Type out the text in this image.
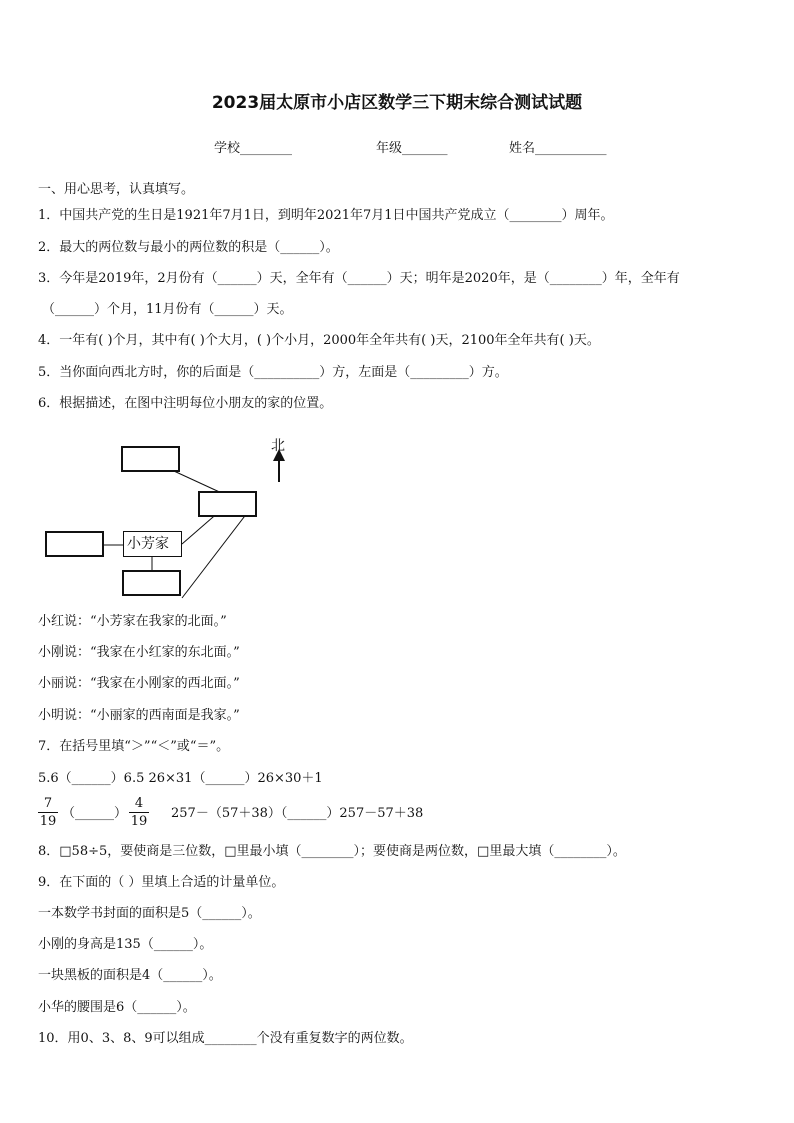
2023届太原市小店区数学三下期末综合测试试题
学校________	年级_______	姓名___________
一、用心思考，认真填写。
1．中国共产党的生日是1921年7月1日，到明年2021年7月1日中国共产党成立（________）周年。
2．最大的两位数与最小的两位数的积是（______）。
3．今年是2019年，2月份有（______）天，全年有（______）天；明年是2020年，是（________）年，全年有
（______）个月，11月份有（______）天。
4．一年有( )个月，其中有( )个大月，( )个小月，2000年全年共有( )天，2100年全年共有( )天。
5．当你面向西北方时，你的后面是（__________）方，左面是（_________）方。
6．根据描述，在图中注明每位小朋友的家的位置。
北
小芳家
小红说：“小芳家在我家的北面。”
小刚说：“我家在小红家的东北面。”
小丽说：“我家在小刚家的西北面。”
小明说：“小丽家的西南面是我家。”
7．在括号里填“＞”“＜”或“＝”。
5.6（______）6.5 26×31（______）26×30＋1
7
19
（______）
4
19
257－（57＋38）（______）257－57＋38
8．□58÷5，要使商是三位数，□里最小填（________）；要使商是两位数，□里最大填（________）。
9．在下面的（ ）里填上合适的计量单位。
一本数学书封面的面积是5（______）。
小刚的身高是135（______）。
一块黑板的面积是4（______）。
小华的腰围是6（______）。
10．用0、3、8、9可以组成________个没有重复数字的两位数。
